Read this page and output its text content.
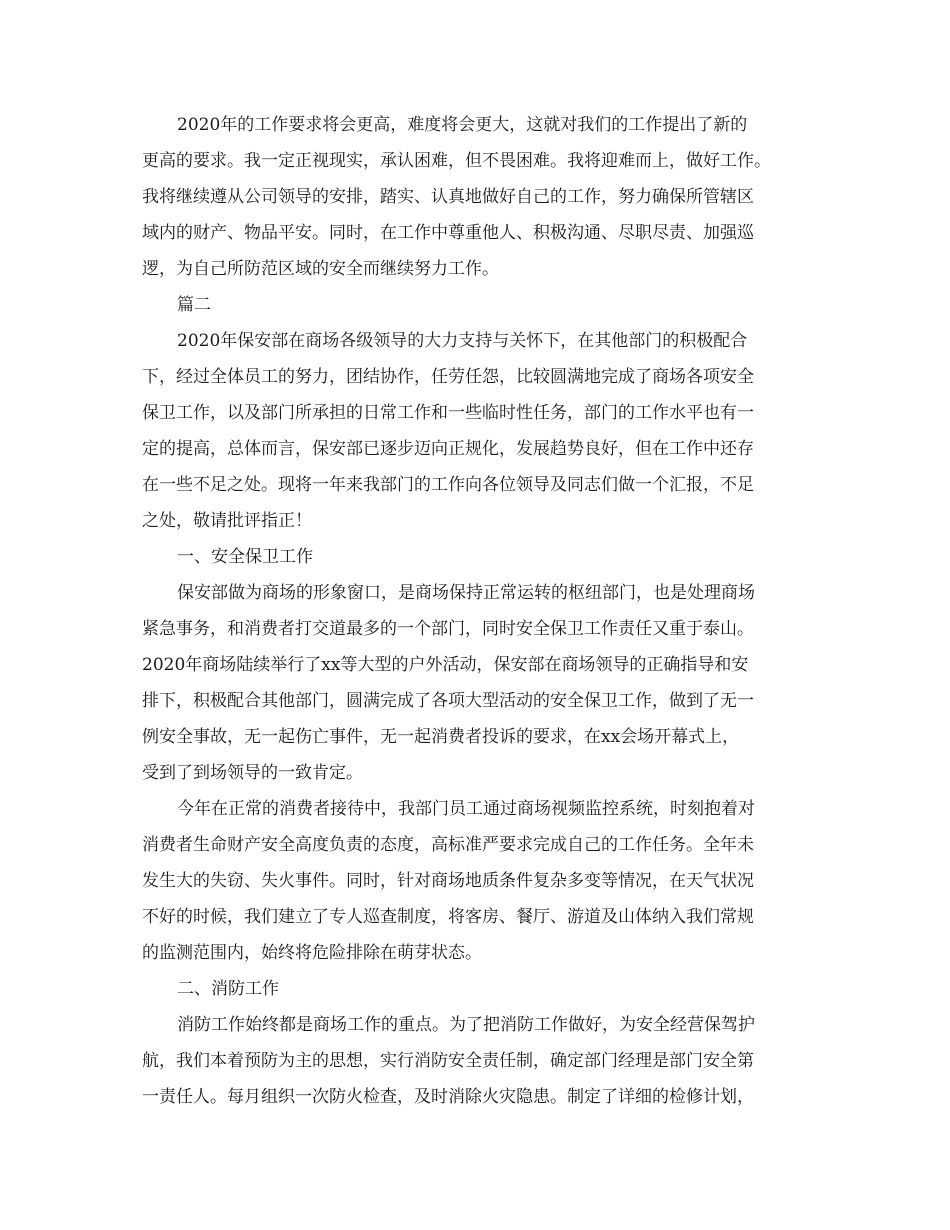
2020年的工作要求将会更高，难度将会更大，这就对我们的工作提出了新的
更高的要求。我一定正视现实，承认困难，但不畏困难。我将迎难而上，做好工作。
我将继续遵从公司领导的安排，踏实、认真地做好自己的工作，努力确保所管辖区
域内的财产、物品平安。同时，在工作中尊重他人、积极沟通、尽职尽责、加强巡
逻，为自己所防范区域的安全而继续努力工作。
篇二
2020年保安部在商场各级领导的大力支持与关怀下，在其他部门的积极配合
下，经过全体员工的努力，团结协作，任劳任怨，比较圆满地完成了商场各项安全
保卫工作，以及部门所承担的日常工作和一些临时性任务，部门的工作水平也有一
定的提高，总体而言，保安部已逐步迈向正规化，发展趋势良好，但在工作中还存
在一些不足之处。现将一年来我部门的工作向各位领导及同志们做一个汇报，不足
之处，敬请批评指正！
一、安全保卫工作
保安部做为商场的形象窗口，是商场保持正常运转的枢纽部门，也是处理商场
紧急事务，和消费者打交道最多的一个部门，同时安全保卫工作责任又重于泰山。
2020年商场陆续举行了xx等大型的户外活动，保安部在商场领导的正确指导和安
排下，积极配合其他部门，圆满完成了各项大型活动的安全保卫工作，做到了无一
例安全事故，无一起伤亡事件，无一起消费者投诉的要求，在xx会场开幕式上，
受到了到场领导的一致肯定。
今年在正常的消费者接待中，我部门员工通过商场视频监控系统，时刻抱着对
消费者生命财产安全高度负责的态度，高标准严要求完成自己的工作任务。全年未
发生大的失窃、失火事件。同时，针对商场地质条件复杂多变等情况，在天气状况
不好的时候，我们建立了专人巡查制度，将客房、餐厅、游道及山体纳入我们常规
的监测范围内，始终将危险排除在萌芽状态。
二、消防工作
消防工作始终都是商场工作的重点。为了把消防工作做好，为安全经营保驾护
航，我们本着预防为主的思想，实行消防安全责任制，确定部门经理是部门安全第
一责任人。每月组织一次防火检查，及时消除火灾隐患。制定了详细的检修计划，
